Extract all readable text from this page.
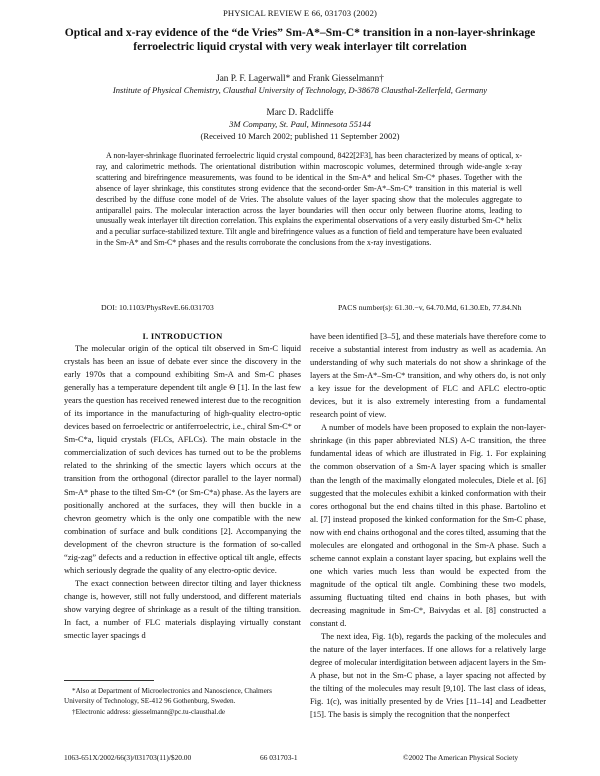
PHYSICAL REVIEW E 66, 031703 (2002)
Optical and x-ray evidence of the “de Vries” Sm-A*–Sm-C* transition in a non-layer-shrinkage
ferroelectric liquid crystal with very weak interlayer tilt correlation
Jan P. F. Lagerwall* and Frank Giesselmann†
Institute of Physical Chemistry, Clausthal University of Technology, D-38678 Clausthal-Zellerfeld, Germany
Marc D. Radcliffe
3M Company, St. Paul, Minnesota 55144
(Received 10 March 2002; published 11 September 2002)
A non-layer-shrinkage fluorinated ferroelectric liquid crystal compound, 8422[2F3], has been characterized by means of optical, x-ray, and calorimetric methods. The orientational distribution within macroscopic volumes, determined through wide-angle x-ray scattering and birefringence measurements, was found to be identical in the Sm-A* and helical Sm-C* phases. Together with the absence of layer shrinkage, this constitutes strong evidence that the second-order Sm-A*–Sm-C* transition in this material is well described by the diffuse cone model of de Vries. The absolute values of the layer spacing show that the molecules aggregate to antiparallel pairs. The molecular interaction across the layer boundaries will then occur only between fluorine atoms, leading to unusually weak interlayer tilt direction correlation. This explains the experimental observations of a very easily disturbed Sm-C* helix and a peculiar surface-stabilized texture. Tilt angle and birefringence values as a function of field and temperature have been evaluated in the Sm-A* and Sm-C* phases and the results corroborate the conclusions from the x-ray investigations.
DOI: 10.1103/PhysRevE.66.031703	PACS number(s): 61.30.−v, 64.70.Md, 61.30.Eb, 77.84.Nh
I. INTRODUCTION

The molecular origin of the optical tilt observed in Sm-C liquid crystals has been an issue of debate ever since the discovery in the early 1970s that a compound exhibiting Sm-A and Sm-C phases generally has a temperature dependent tilt angle Θ [1]. In the last few years the question has received renewed interest due to the recognition of its importance in the manufacturing of high-quality electro-optic devices based on ferroelectric or antiferroelectric, i.e., chiral Sm-C* or Sm-C*a, liquid crystals (FLCs, AFLCs). The main obstacle in the commercialization of such devices has turned out to be the problems related to the shrinking of the smectic layers which occurs at the transition from the orthogonal (director parallel to the layer normal) Sm-A* phase to the tilted Sm-C* (or Sm-C*a) phase. As the layers are positionally anchored at the surfaces, they will then buckle in a chevron geometry which is the only one compatible with the new combination of surface and bulk conditions [2]. Accompanying the development of the chevron structure is the formation of so-called “zig-zag” defects and a reduction in effective optical tilt angle, effects which seriously degrade the quality of any electro-optic device.

The exact connection between director tilting and layer thickness change is, however, still not fully understood, and different materials show varying degree of shrinkage as a result of the tilting transition. In fact, a number of FLC materials displaying virtually constant smectic layer spacings d

have been identified [3–5], and these materials have therefore come to receive a substantial interest from industry as well as academia. An understanding of why such materials do not show a shrinkage of the layers at the Sm-A*–Sm-C* transition, and why others do, is not only a key issue for the development of FLC and AFLC electro-optic devices, but it is also extremely interesting from a fundamental research point of view.

A number of models have been proposed to explain the non-layer-shrinkage (in this paper abbreviated NLS) A-C transition, the three fundamental ideas of which are illustrated in Fig. 1. For explaining the common observation of a Sm-A layer spacing which is smaller than the length of the maximally elongated molecules, Diele et al. [6] suggested that the molecules exhibit a kinked conformation with their cores orthogonal but the end chains tilted in this phase. Bartolino et al. [7] instead proposed the kinked conformation for the Sm-C phase, now with end chains orthogonal and the cores tilted, assuming that the molecules are elongated and orthogonal in the Sm-A phase. Such a scheme cannot explain a constant layer spacing, but explains well the one which varies much less than would be expected from the magnitude of the optical tilt angle. Combining these two models, assuming fluctuating tilted end chains in both phases, but with decreasing magnitude in Sm-C*, Baivydas et al. [8] constructed a constant d.

The next idea, Fig. 1(b), regards the packing of the molecules and the nature of the layer interfaces. If one allows for a relatively large degree of molecular interdigitation between adjacent layers in the Sm-A phase, but not in the Sm-C phase, a layer spacing not affected by the tilting of the molecules may result [9,10]. The last class of ideas, Fig. 1(c), was initially presented by de Vries [11–14] and Leadbetter [15]. The basis is simply the recognition that the nonperfect

*Also at Department of Microelectronics and Nanoscience, Chalmers University of Technology, SE-412 96 Gothenburg, Sweden.

†Electronic address: giesselmann@pc.tu-clausthal.de

1063-651X/2002/66(3)/031703(11)/$20.00	66 031703-1	©2002 The American Physical Society
